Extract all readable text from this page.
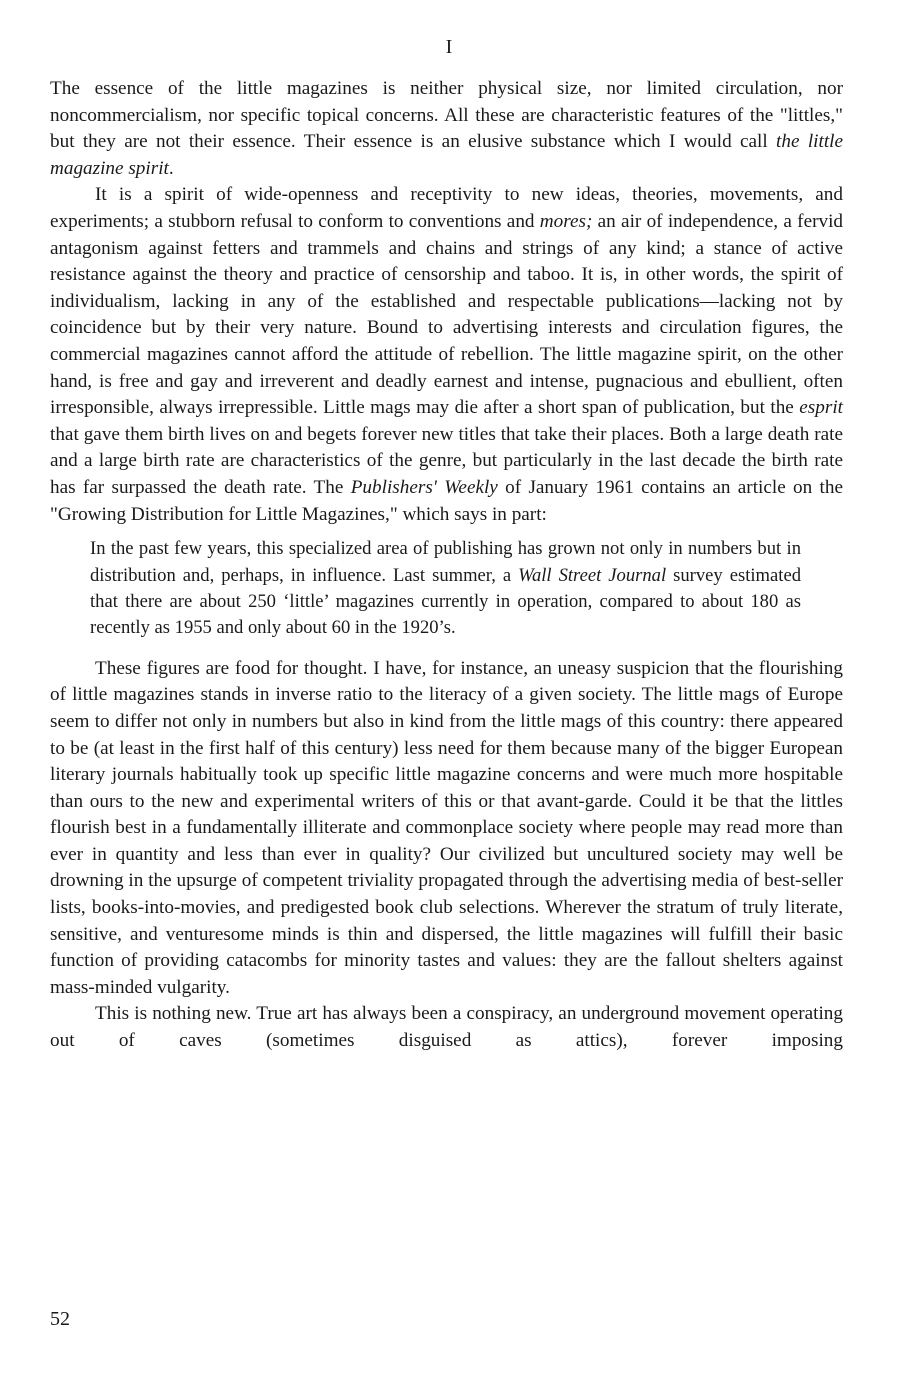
I

The essence of the little magazines is neither physical size, nor limited circulation, nor noncommercialism, nor specific topical concerns. All these are characteristic features of the "littles," but they are not their essence. Their essence is an elusive substance which I would call the little magazine spirit.

It is a spirit of wide-openness and receptivity to new ideas, theories, movements, and experiments; a stubborn refusal to conform to conventions and mores; an air of independence, a fervid antagonism against fetters and trammels and chains and strings of any kind; a stance of active resistance against the theory and practice of censorship and taboo. It is, in other words, the spirit of individualism, lacking in any of the established and respectable publications—lacking not by coincidence but by their very nature. Bound to advertising interests and circulation figures, the commercial magazines cannot afford the attitude of rebellion. The little magazine spirit, on the other hand, is free and gay and irreverent and deadly earnest and intense, pugnacious and ebullient, often irresponsible, always irrepressible. Little mags may die after a short span of publication, but the esprit that gave them birth lives on and begets forever new titles that take their places. Both a large death rate and a large birth rate are characteristics of the genre, but particularly in the last decade the birth rate has far surpassed the death rate. The Publishers' Weekly of January 1961 contains an article on the "Growing Distribution for Little Magazines," which says in part:

In the past few years, this specialized area of publishing has grown not only in numbers but in distribution and, perhaps, in influence. Last summer, a Wall Street Journal survey estimated that there are about 250 ‘little’ magazines currently in operation, compared to about 180 as recently as 1955 and only about 60 in the 1920’s.

These figures are food for thought. I have, for instance, an uneasy suspicion that the flourishing of little magazines stands in inverse ratio to the literacy of a given society. The little mags of Europe seem to differ not only in numbers but also in kind from the little mags of this country: there appeared to be (at least in the first half of this century) less need for them because many of the bigger European literary journals habitually took up specific little magazine concerns and were much more hospitable than ours to the new and experimental writers of this or that avant-garde. Could it be that the littles flourish best in a fundamentally illiterate and commonplace society where people may read more than ever in quantity and less than ever in quality? Our civilized but uncultured society may well be drowning in the upsurge of competent triviality propagated through the advertising media of best-seller lists, books-into-movies, and predigested book club selections. Wherever the stratum of truly literate, sensitive, and venturesome minds is thin and dispersed, the little magazines will fulfill their basic function of providing catacombs for minority tastes and values: they are the fallout shelters against mass-minded vulgarity.

This is nothing new. True art has always been a conspiracy, an underground movement operating out of caves (sometimes disguised as attics), forever imposing

52
